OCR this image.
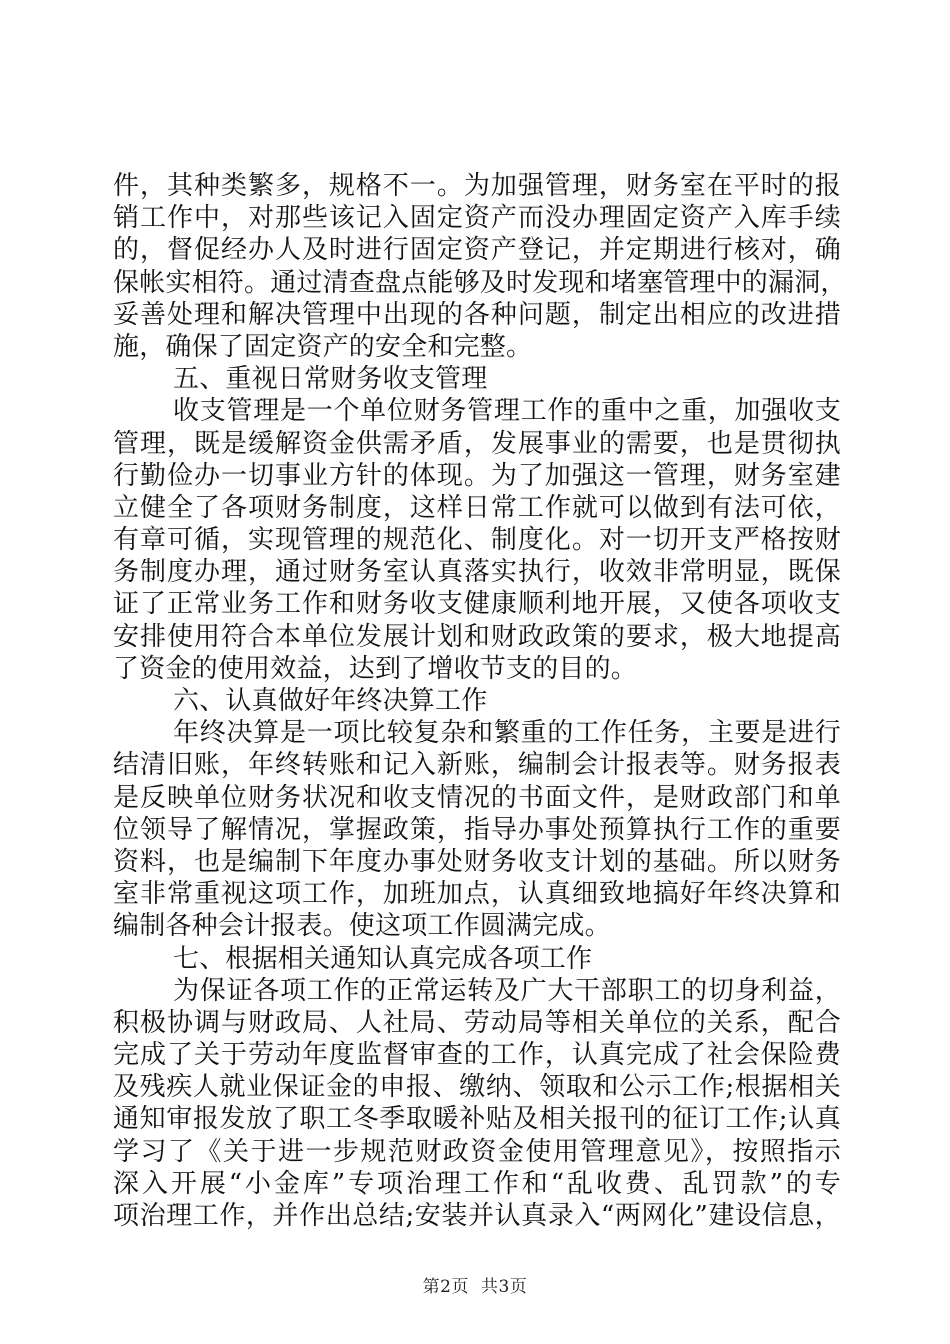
件，其种类繁多，规格不一。为加强管理，财务室在平时的报
销工作中，对那些该记入固定资产而没办理固定资产入库手续
的，督促经办人及时进行固定资产登记，并定期进行核对，确
保帐实相符。通过清查盘点能够及时发现和堵塞管理中的漏洞，
妥善处理和解决管理中出现的各种问题，制定出相应的改进措
施，确保了固定资产的安全和完整。
五、重视日常财务收支管理
收支管理是一个单位财务管理工作的重中之重，加强收支
管理，既是缓解资金供需矛盾，发展事业的需要，也是贯彻执
行勤俭办一切事业方针的体现。为了加强这一管理，财务室建
立健全了各项财务制度，这样日常工作就可以做到有法可依，
有章可循，实现管理的规范化、制度化。对一切开支严格按财
务制度办理，通过财务室认真落实执行，收效非常明显，既保
证了正常业务工作和财务收支健康顺利地开展，又使各项收支
安排使用符合本单位发展计划和财政政策的要求，极大地提高
了资金的使用效益，达到了增收节支的目的。
六、认真做好年终决算工作
年终决算是一项比较复杂和繁重的工作任务，主要是进行
结清旧账，年终转账和记入新账，编制会计报表等。财务报表
是反映单位财务状况和收支情况的书面文件，是财政部门和单
位领导了解情况，掌握政策，指导办事处预算执行工作的重要
资料，也是编制下年度办事处财务收支计划的基础。所以财务
室非常重视这项工作，加班加点，认真细致地搞好年终决算和
编制各种会计报表。使这项工作圆满完成。
七、根据相关通知认真完成各项工作
为保证各项工作的正常运转及广大干部职工的切身利益，
积极协调与财政局、人社局、劳动局等相关单位的关系，配合
完成了关于劳动年度监督审查的工作，认真完成了社会保险费
及残疾人就业保证金的申报、缴纳、领取和公示工作;根据相关
通知审报发放了职工冬季取暖补贴及相关报刊的征订工作;认真
学习了《关于进一步规范财政资金使用管理意见》，按照指示
深入开展“小金库”专项治理工作和“乱收费、乱罚款”的专
项治理工作，并作出总结;安装并认真录入“两网化”建设信息，
第2页 共3页
